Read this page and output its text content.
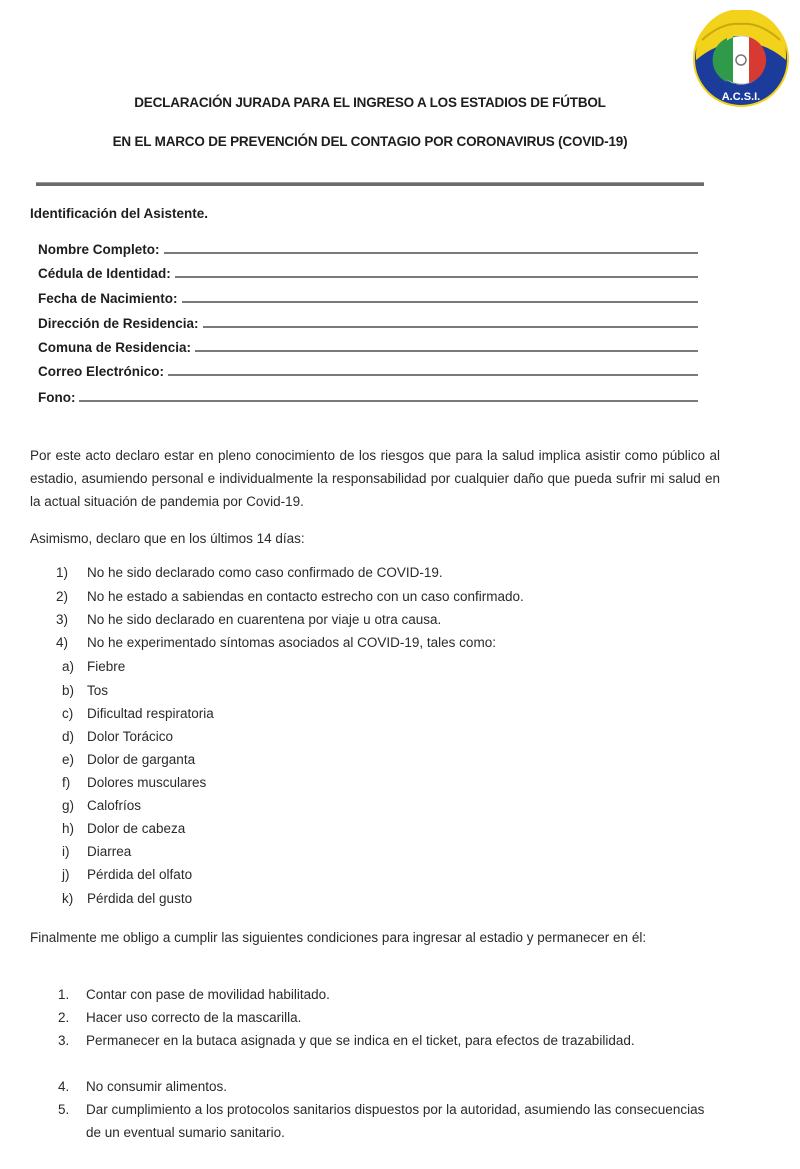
A.C.S.I.
DECLARACIÓN JURADA PARA EL INGRESO A LOS ESTADIOS DE FÚTBOL
EN EL MARCO DE PREVENCIÓN DEL CONTAGIO POR CORONAVIRUS (COVID-19)
Identificación del Asistente.
Nombre Completo:
Cédula de Identidad:
Fecha de Nacimiento:
Dirección de Residencia:
Comuna de Residencia:
Correo Electrónico:
Fono:
Por este acto declaro estar en pleno conocimiento de los riesgos que para la salud implica asistir como público al estadio, asumiendo personal e individualmente la responsabilidad por cualquier daño que pueda sufrir mi salud en la actual situación de pandemia por Covid-19.
Asimismo, declaro que en los últimos 14 días:
1)	No he sido declarado como caso confirmado de COVID-19.
2)	No he estado a sabiendas en contacto estrecho con un caso confirmado.
3)	No he sido declarado en cuarentena por viaje u otra causa.
4)	No he experimentado síntomas asociados al COVID-19, tales como:
a) Fiebre
b) Tos
c)	Dificultad respiratoria
d) Dolor Torácico
e) Dolor de garganta
f)	Dolores musculares
g) Calofríos
h) Dolor de cabeza
i)	Diarrea
j)	Pérdida del olfato
k)	Pérdida del gusto
Finalmente me obligo a cumplir las siguientes condiciones para ingresar al estadio y permanecer en él:
1.	Contar con pase de movilidad habilitado.
2.	Hacer uso correcto de la mascarilla.
3.	Permanecer en la butaca asignada y que se indica en el ticket, para efectos de trazabilidad.
4.	No consumir alimentos.
5.	Dar cumplimiento a los protocolos sanitarios dispuestos por la autoridad, asumiendo las consecuencias de un eventual sumario sanitario.
